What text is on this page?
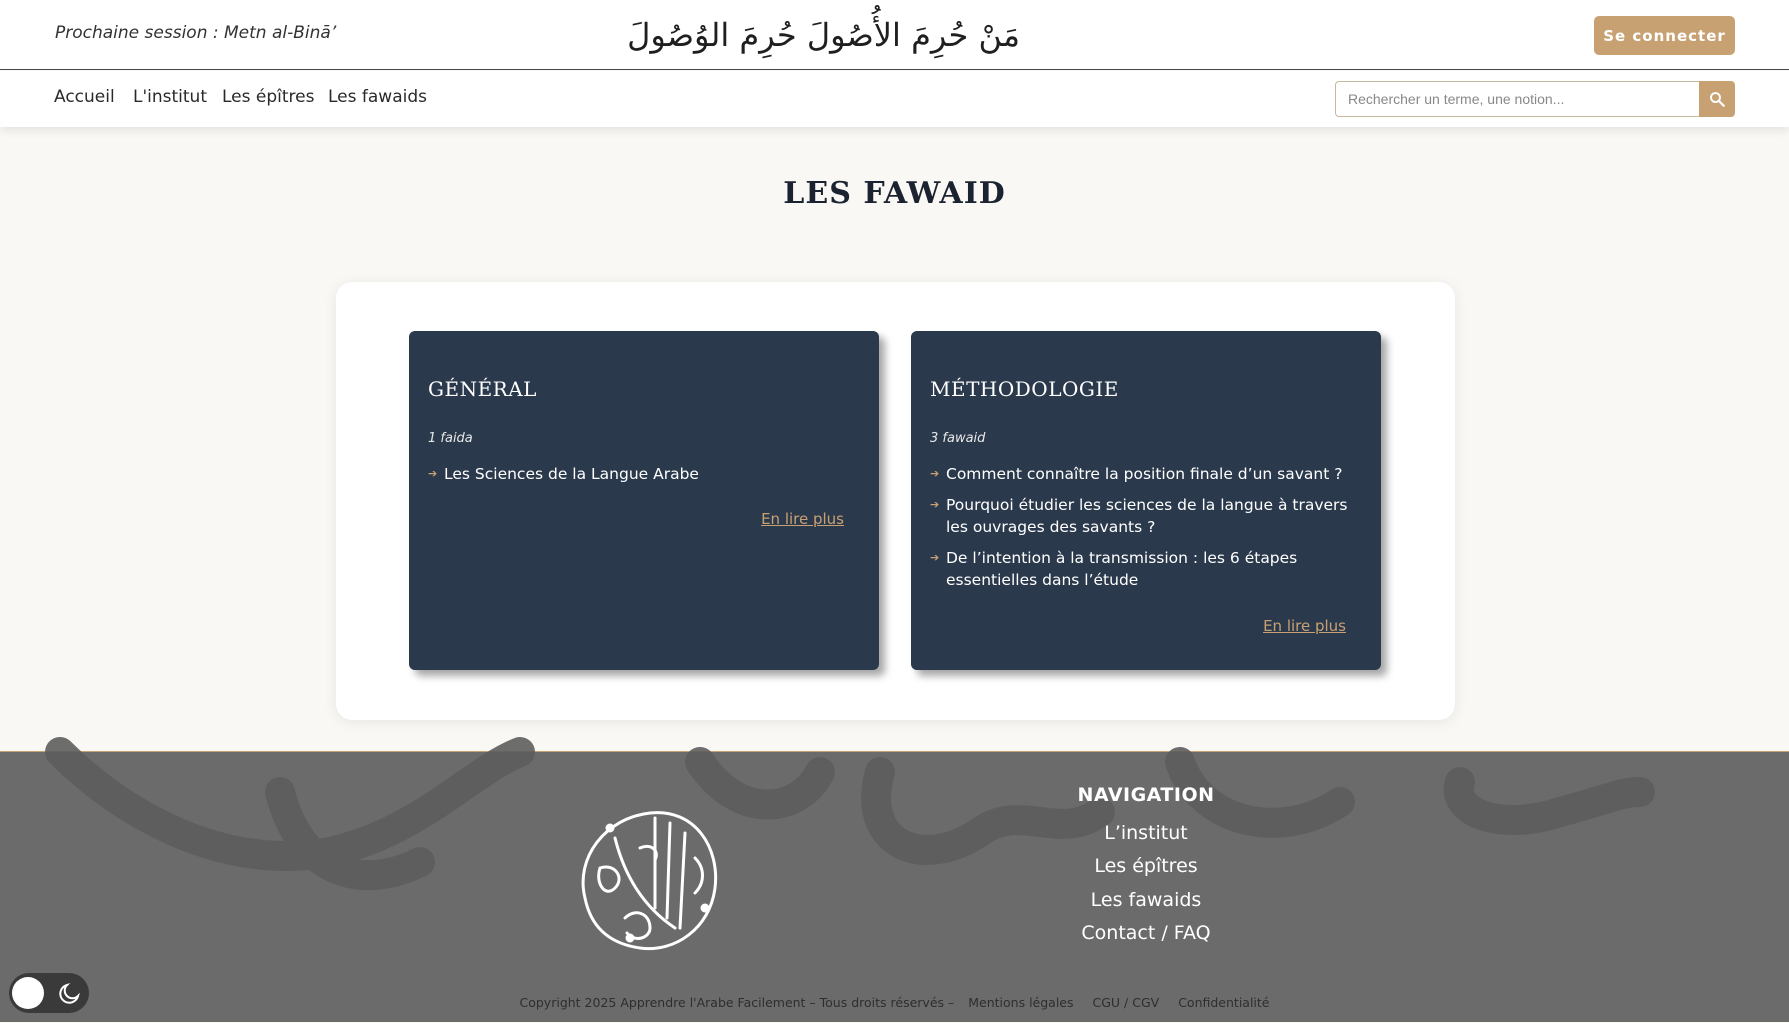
Prochaine session : Metn al-Binā’	مَنْ حُرِمَ الأُصُولَ حُرِمَ الوُصُولَ	Se connecter
Accueil L'institut Les épîtres Les fawaids
Rechercher un terme, une notion...
LES FAWAID
GÉNÉRAL
1 faida
➔ Les Sciences de la Langue Arabe
En lire plus
MÉTHODOLOGIE
3 fawaid
➔ Comment connaître la position finale d’un savant ?
➔ Pourquoi étudier les sciences de la langue à travers les ouvrages des savants ?
➔ De l’intention à la transmission : les 6 étapes essentielles dans l’étude
En lire plus
NAVIGATION
L’institut
Les épîtres
Les fawaids
Contact / FAQ
Copyright 2025 Apprendre l'Arabe Facilement – Tous droits réservés – Mentions légales CGU / CGV Confidentialité
